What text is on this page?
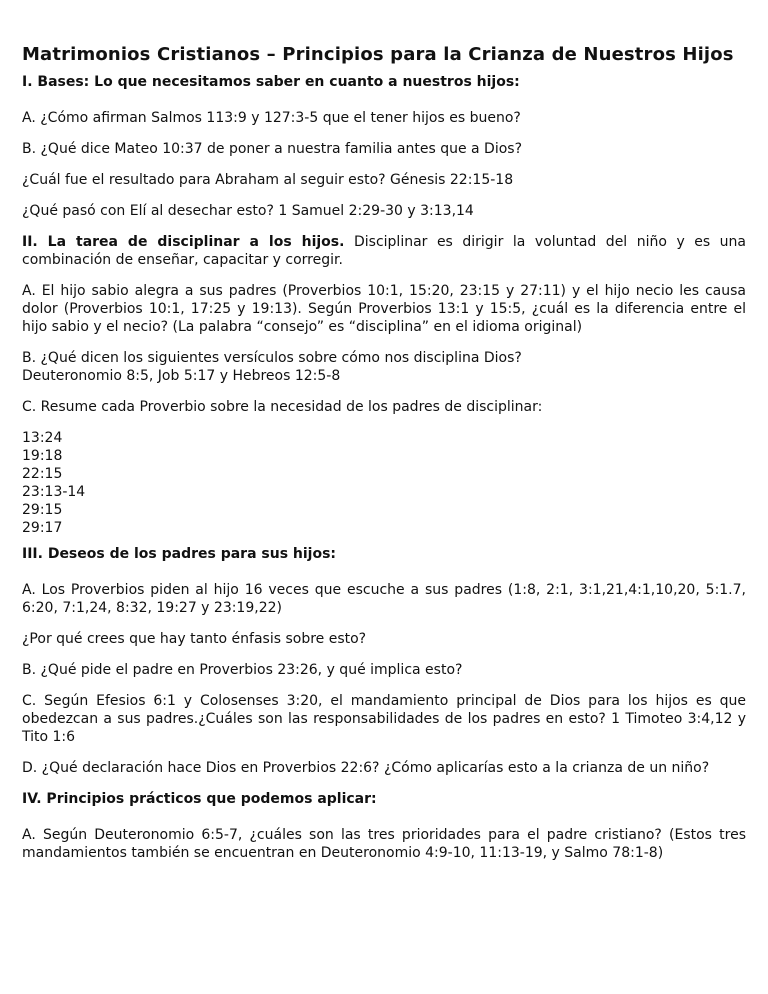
Matrimonios Cristianos – Principios para la Crianza de Nuestros Hijos

I. Bases: Lo que necesitamos saber en cuanto a nuestros hijos:

A. ¿Cómo afirman Salmos 113:9 y 127:3-5 que el tener hijos es bueno?

B. ¿Qué dice Mateo 10:37 de poner a nuestra familia antes que a Dios?

¿Cuál fue el resultado para Abraham al seguir esto? Génesis 22:15-18

¿Qué pasó con Elí al desechar esto? 1 Samuel 2:29-30 y 3:13,14

II. La tarea de disciplinar a los hijos. Disciplinar es dirigir la voluntad del niño y es una combinación de enseñar, capacitar y corregir.

A. El hijo sabio alegra a sus padres (Proverbios 10:1, 15:20, 23:15 y 27:11) y el hijo necio les causa dolor (Proverbios 10:1, 17:25 y 19:13). Según Proverbios 13:1 y 15:5, ¿cuál es la diferencia entre el hijo sabio y el necio? (La palabra “consejo” es “disciplina” en el idioma original)

B. ¿Qué dicen los siguientes versículos sobre cómo nos disciplina Dios?
Deuteronomio 8:5, Job 5:17 y Hebreos 12:5-8

C. Resume cada Proverbio sobre la necesidad de los padres de disciplinar:

13:24
19:18
22:15
23:13-14
29:15
29:17

III. Deseos de los padres para sus hijos:

A. Los Proverbios piden al hijo 16 veces que escuche a sus padres (1:8, 2:1, 3:1,21,4:1,10,20, 5:1.7, 6:20, 7:1,24, 8:32, 19:27 y 23:19,22)

¿Por qué crees que hay tanto énfasis sobre esto?

B. ¿Qué pide el padre en Proverbios 23:26, y qué implica esto?

C. Según Efesios 6:1 y Colosenses 3:20, el mandamiento principal de Dios para los hijos es que obedezcan a sus padres.¿Cuáles son las responsabilidades de los padres en esto? 1 Timoteo 3:4,12 y Tito 1:6

D. ¿Qué declaración hace Dios en Proverbios 22:6? ¿Cómo aplicarías esto a la crianza de un niño?

IV. Principios prácticos que podemos aplicar:

A. Según Deuteronomio 6:5-7, ¿cuáles son las tres prioridades para el padre cristiano? (Estos tres mandamientos también se encuentran en Deuteronomio 4:9-10, 11:13-19, y Salmo 78:1-8)
